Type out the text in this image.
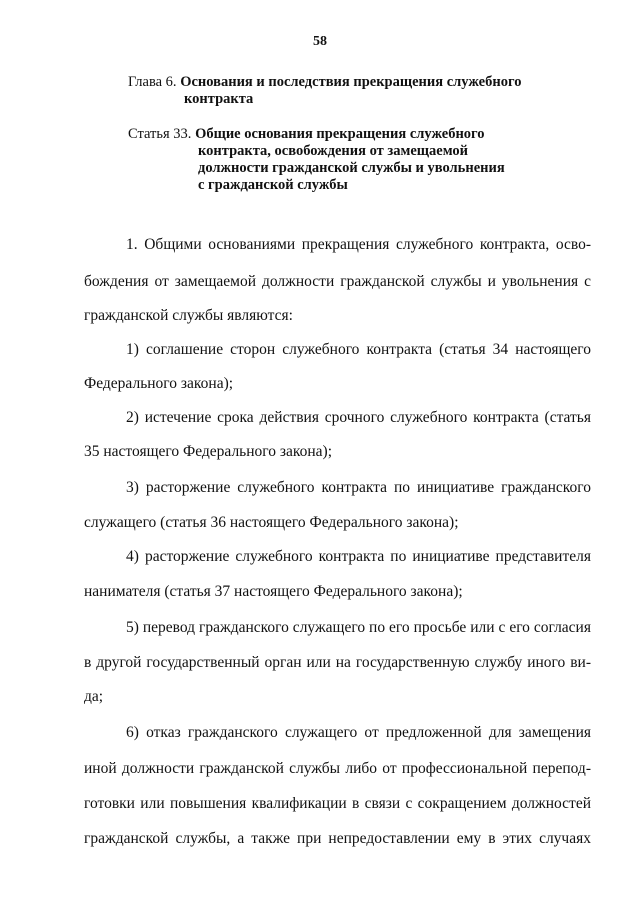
58
Глава 6. Основания и последствия прекращения служебного
контракта
Статья 33. Общие основания прекращения служебного
контракта, освобождения от замещаемой
должности гражданской службы и увольнения
с гражданской службы
1. Общими основаниями прекращения служебного контракта, осво-
бождения от замещаемой должности гражданской службы и увольнения с
гражданской службы являются:
1) соглашение сторон служебного контракта (статья 34 настоящего
Федерального закона);
2) истечение срока действия срочного служебного контракта (статья
35 настоящего Федерального закона);
3) расторжение служебного контракта по инициативе гражданского
служащего (статья 36 настоящего Федерального закона);
4) расторжение служебного контракта по инициативе представителя
нанимателя (статья 37 настоящего Федерального закона);
5) перевод гражданского служащего по его просьбе или с его согласия
в другой государственный орган или на государственную службу иного ви-
да;
6) отказ гражданского служащего от предложенной для замещения
иной должности гражданской службы либо от профессиональной перепод-
готовки или повышения квалификации в связи с сокращением должностей
гражданской службы, а также при непредоставлении ему в этих случаях
